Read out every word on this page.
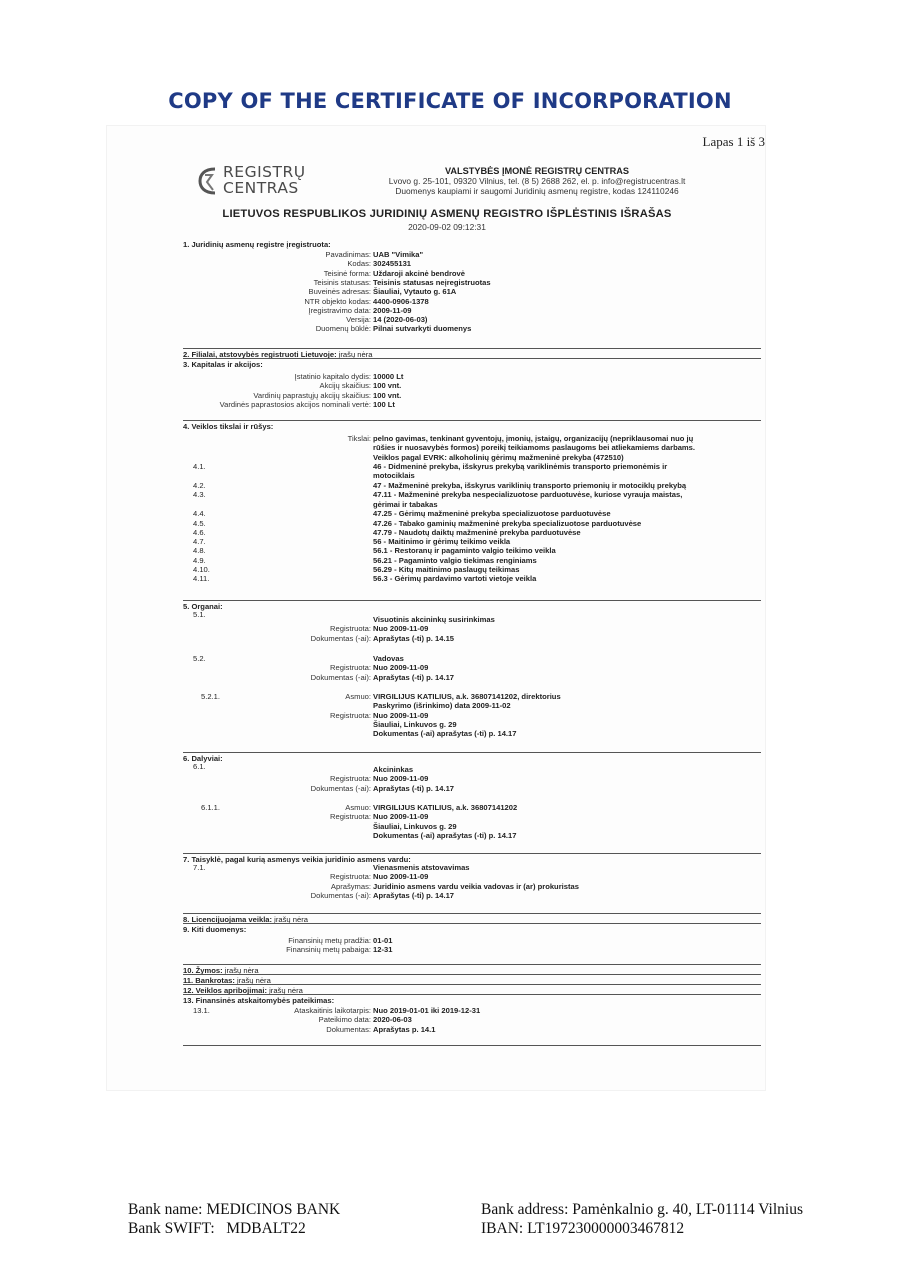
COPY OF THE CERTIFICATE OF INCORPORATION
Lapas 1 iš 3
REGISTRŲ
CENTRAS
VALSTYBĖS ĮMONĖ REGISTRŲ CENTRAS
Lvovo g. 25-101, 09320 Vilnius, tel. (8 5) 2688 262, el. p. info@registrucentras.lt
Duomenys kaupiami ir saugomi Juridinių asmenų registre, kodas 124110246
LIETUVOS RESPUBLIKOS JURIDINIŲ ASMENŲ REGISTRO IŠPLĖSTINIS IŠRAŠAS
2020-09-02 09:12:31
1. Juridinių asmenų registre įregistruota:
Pavadinimas: UAB "Vimika"
Kodas: 302455131
Teisinė forma: Uždaroji akcinė bendrovė
Teisinis statusas: Teisinis statusas neįregistruotas
Buveinės adresas: Šiauliai, Vytauto g. 61A
NTR objekto kodas: 4400-0906-1378
Įregistravimo data: 2009-11-09
Versija: 14 (2020-06-03)
Duomenų būklė: Pilnai sutvarkyti duomenys
2. Filialai, atstovybės registruoti Lietuvoje: įrašų nėra
3. Kapitalas ir akcijos:
Įstatinio kapitalo dydis: 10000 Lt
Akcijų skaičius: 100 vnt.
Vardinių paprastųjų akcijų skaičius: 100 vnt.
Vardinės paprastosios akcijos nominali vertė: 100 Lt
4. Veiklos tikslai ir rūšys:
Tikslai: pelno gavimas, tenkinant gyventojų, įmonių, įstaigų, organizacijų (nepriklausomai nuo jų
rūšies ir nuosavybės formos) poreikį teikiamoms paslaugoms bei atliekamiems darbams.
Veiklos pagal EVRK: alkoholinių gėrimų mažmeninė prekyba (472510)
4.1.	46 - Didmeninė prekyba, išskyrus prekybą variklinėmis transporto priemonėmis ir
motociklais
4.2.	47 - Mažmeninė prekyba, išskyrus variklinių transporto priemonių ir motociklų prekybą
4.3.	47.11 - Mažmeninė prekyba nespecializuotose parduotuvėse, kuriose vyrauja maistas,
gėrimai ir tabakas
4.4.	47.25 - Gėrimų mažmeninė prekyba specializuotose parduotuvėse
4.5.	47.26 - Tabako gaminių mažmeninė prekyba specializuotose parduotuvėse
4.6.	47.79 - Naudotų daiktų mažmeninė prekyba parduotuvėse
4.7.	56 - Maitinimo ir gėrimų teikimo veikla
4.8.	56.1 - Restoranų ir pagaminto valgio teikimo veikla
4.9.	56.21 - Pagaminto valgio tiekimas renginiams
4.10.	56.29 - Kitų maitinimo paslaugų teikimas
4.11.	56.3 - Gėrimų pardavimo vartoti vietoje veikla
5. Organai:
5.1.
Visuotinis akcininkų susirinkimas
Registruota: Nuo 2009-11-09
Dokumentas (-ai): Aprašytas (-ti) p. 14.15
5.2.	Vadovas
Registruota: Nuo 2009-11-09
Dokumentas (-ai): Aprašytas (-ti) p. 14.17
5.2.1.	Asmuo: VIRGILIJUS KATILIUS, a.k. 36807141202, direktorius
Paskyrimo (išrinkimo) data 2009-11-02
Registruota: Nuo 2009-11-09
Šiauliai, Linkuvos g. 29
Dokumentas (-ai) aprašytas (-ti) p. 14.17
6. Dalyviai:
6.1.	Akcininkas
Registruota: Nuo 2009-11-09
Dokumentas (-ai): Aprašytas (-ti) p. 14.17
6.1.1.	Asmuo: VIRGILIJUS KATILIUS, a.k. 36807141202
Registruota: Nuo 2009-11-09
Šiauliai, Linkuvos g. 29
Dokumentas (-ai) aprašytas (-ti) p. 14.17
7. Taisyklė, pagal kurią asmenys veikia juridinio asmens vardu:
7.1.	Vienasmenis atstovavimas
Registruota: Nuo 2009-11-09
Aprašymas: Juridinio asmens vardu veikia vadovas ir (ar) prokuristas
Dokumentas (-ai): Aprašytas (-ti) p. 14.17
8. Licencijuojama veikla: įrašų nėra
9. Kiti duomenys:
Finansinių metų pradžia: 01-01
Finansinių metų pabaiga: 12-31
10. Žymos: įrašų nėra
11. Bankrotas: įrašų nėra
12. Veiklos apribojimai: įrašų nėra
13. Finansinės atskaitomybės pateikimas:
13.1.	Ataskaitinis laikotarpis: Nuo 2019-01-01 iki 2019-12-31
Pateikimo data: 2020-06-03
Dokumentas: Aprašytas p. 14.1
Bank name: MEDICINOS BANK
Bank SWIFT: MDBALT22
Bank address: Pamėnkalnio g. 40, LT-01114 Vilnius
IBAN: LT197230000003467812
